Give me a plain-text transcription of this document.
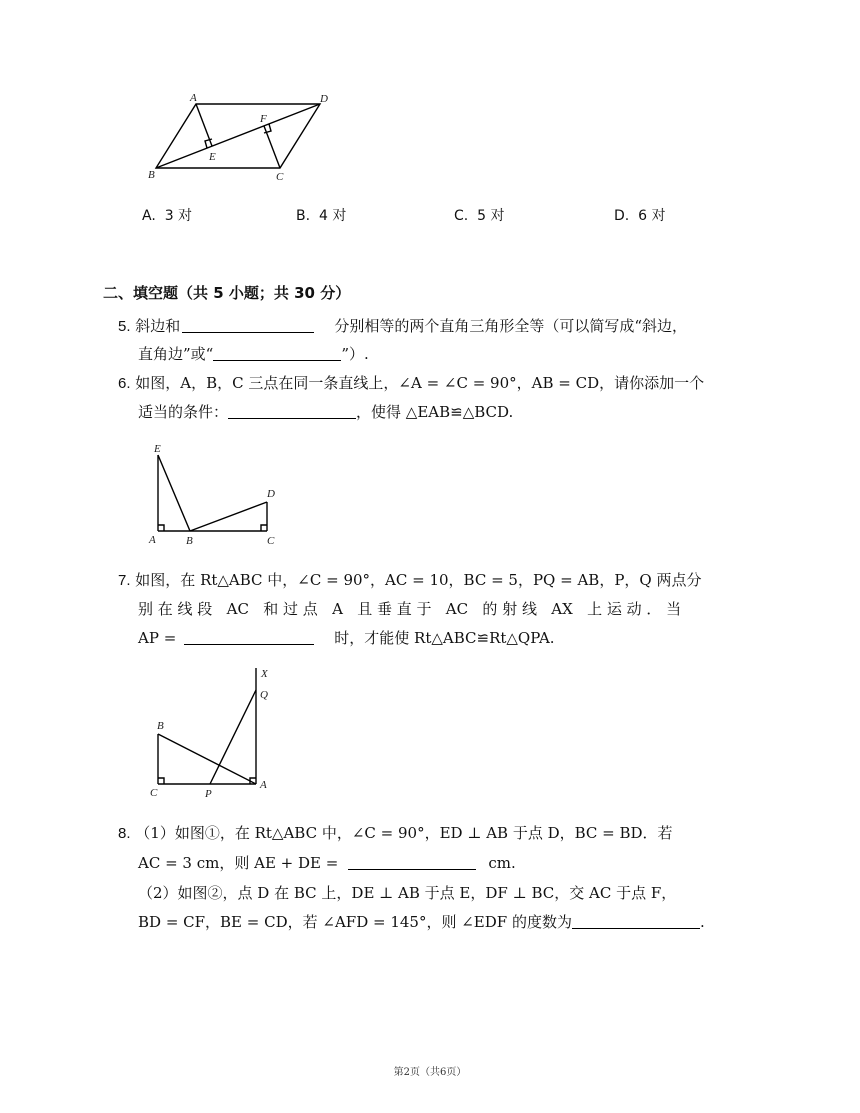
A	D
B	C
E
F
A. 3 对	B. 4 对	C. 5 对	D. 6 对
二、填空题（共 5 小题；共 30 分）
5. 斜边和	分别相等的两个直角三角形全等（可以简写成“斜边，
直角边”或“	”）.
6. 如图，A，B，C 三点在同一条直线上，∠A = ∠C = 90°，AB = CD，请你添加一个
适当的条件：	，使得 △EAB≌△BCD.
E
D
A	B	C
7. 如图，在 Rt△ABC 中，∠C = 90°，AC = 10，BC = 5，PQ = AB，P，Q 两点分
别 在 线 段   AC   和 过 点   A   且 垂 直 于   AC   的 射 线   AX   上 运 动 ． 当
AP =	时，才能使 Rt△ABC≌Rt△QPA.
X
Q
B
C	P
A
8. （1）如图①，在 Rt△ABC 中，∠C = 90°，ED ⊥ AB 于点 D，BC = BD．若
AC = 3 cm，则 AE + DE =	cm.
（2）如图②，点 D 在 BC 上，DE ⊥ AB 于点 E，DF ⊥ BC，交 AC 于点 F，
BD = CF，BE = CD，若 ∠AFD = 145°，则 ∠EDF 的度数为	.
第2页（共6页）
